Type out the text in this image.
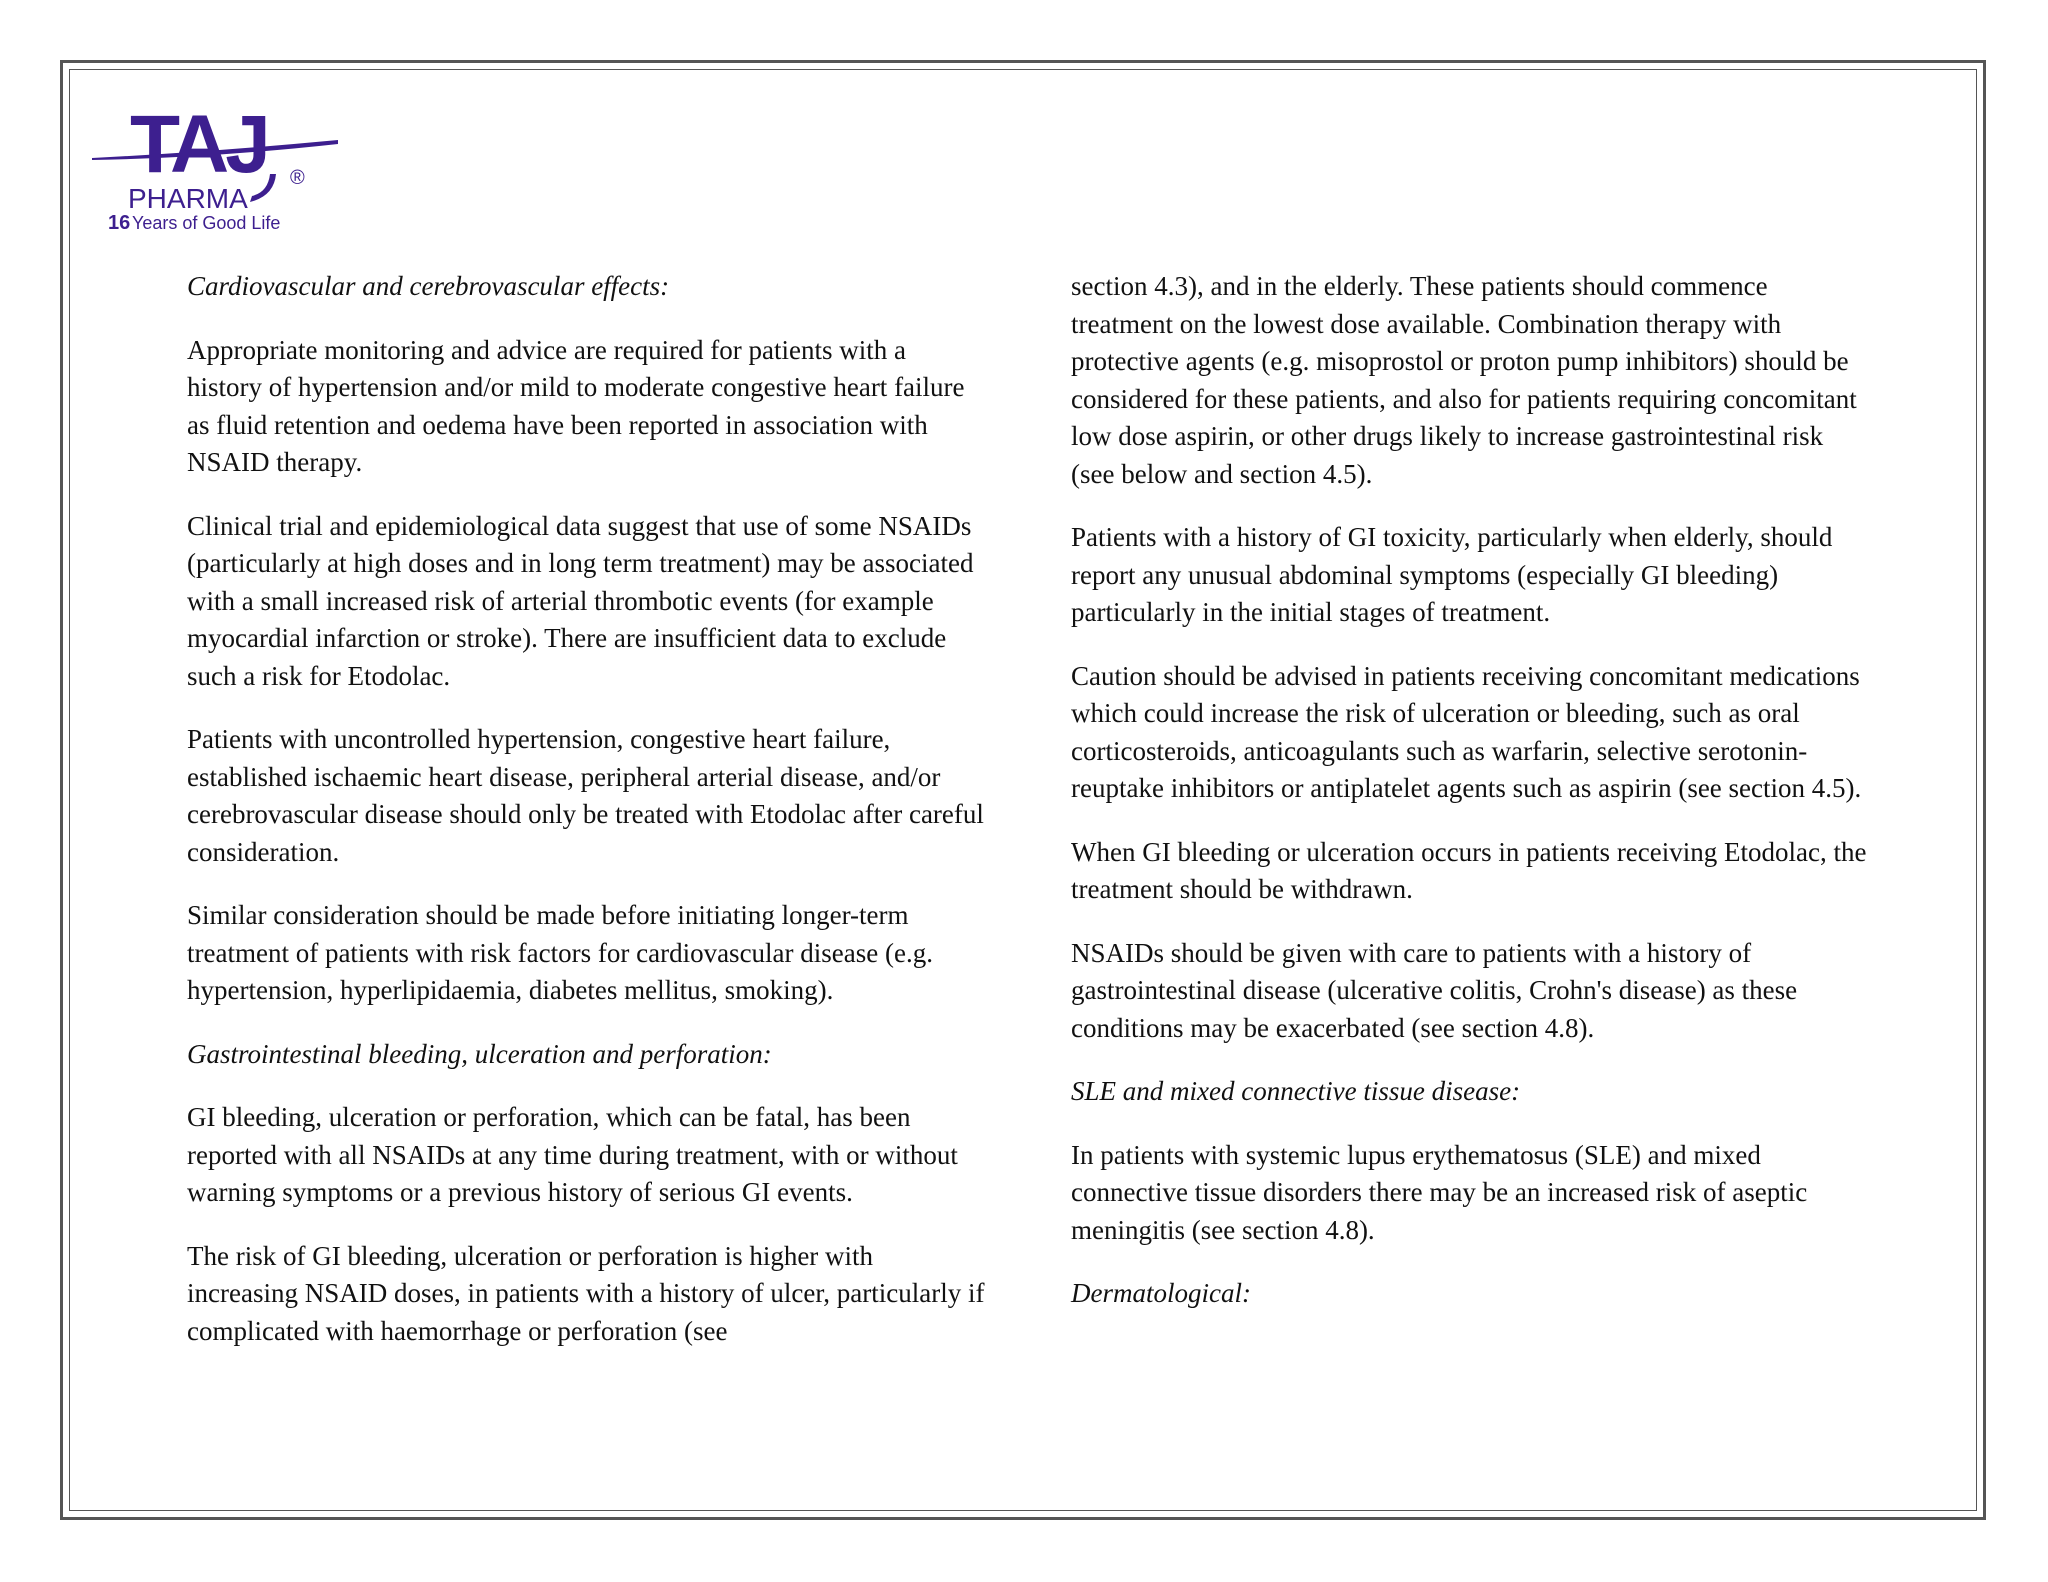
TAJ
PHARMA
®
16 Years of Good Life

Cardiovascular and cerebrovascular effects:

Appropriate monitoring and advice are required for patients with a history of hypertension and/or mild to moderate congestive heart failure as fluid retention and oedema have been reported in association with NSAID therapy.

Clinical trial and epidemiological data suggest that use of some NSAIDs (particularly at high doses and in long term treatment) may be associated with a small increased risk of arterial thrombotic events (for example myocardial infarction or stroke). There are insufficient data to exclude such a risk for Etodolac.

Patients with uncontrolled hypertension, congestive heart failure, established ischaemic heart disease, peripheral arterial disease, and/or cerebrovascular disease should only be treated with Etodolac after careful consideration.

Similar consideration should be made before initiating longer-term treatment of patients with risk factors for cardiovascular disease (e.g. hypertension, hyperlipidaemia, diabetes mellitus, smoking).

Gastrointestinal bleeding, ulceration and perforation:

GI bleeding, ulceration or perforation, which can be fatal, has been reported with all NSAIDs at any time during treatment, with or without warning symptoms or a previous history of serious GI events.

The risk of GI bleeding, ulceration or perforation is higher with increasing NSAID doses, in patients with a history of ulcer, particularly if complicated with haemorrhage or perforation (see

section 4.3), and in the elderly. These patients should commence treatment on the lowest dose available. Combination therapy with protective agents (e.g. misoprostol or proton pump inhibitors) should be considered for these patients, and also for patients requiring concomitant low dose aspirin, or other drugs likely to increase gastrointestinal risk (see below and section 4.5).

Patients with a history of GI toxicity, particularly when elderly, should report any unusual abdominal symptoms (especially GI bleeding) particularly in the initial stages of treatment.

Caution should be advised in patients receiving concomitant medications which could increase the risk of ulceration or bleeding, such as oral corticosteroids, anticoagulants such as warfarin, selective serotonin-reuptake inhibitors or antiplatelet agents such as aspirin (see section 4.5).

When GI bleeding or ulceration occurs in patients receiving Etodolac, the treatment should be withdrawn.

NSAIDs should be given with care to patients with a history of gastrointestinal disease (ulcerative colitis, Crohn's disease) as these conditions may be exacerbated (see section 4.8).

SLE and mixed connective tissue disease:

In patients with systemic lupus erythematosus (SLE) and mixed connective tissue disorders there may be an increased risk of aseptic meningitis (see section 4.8).

Dermatological:
